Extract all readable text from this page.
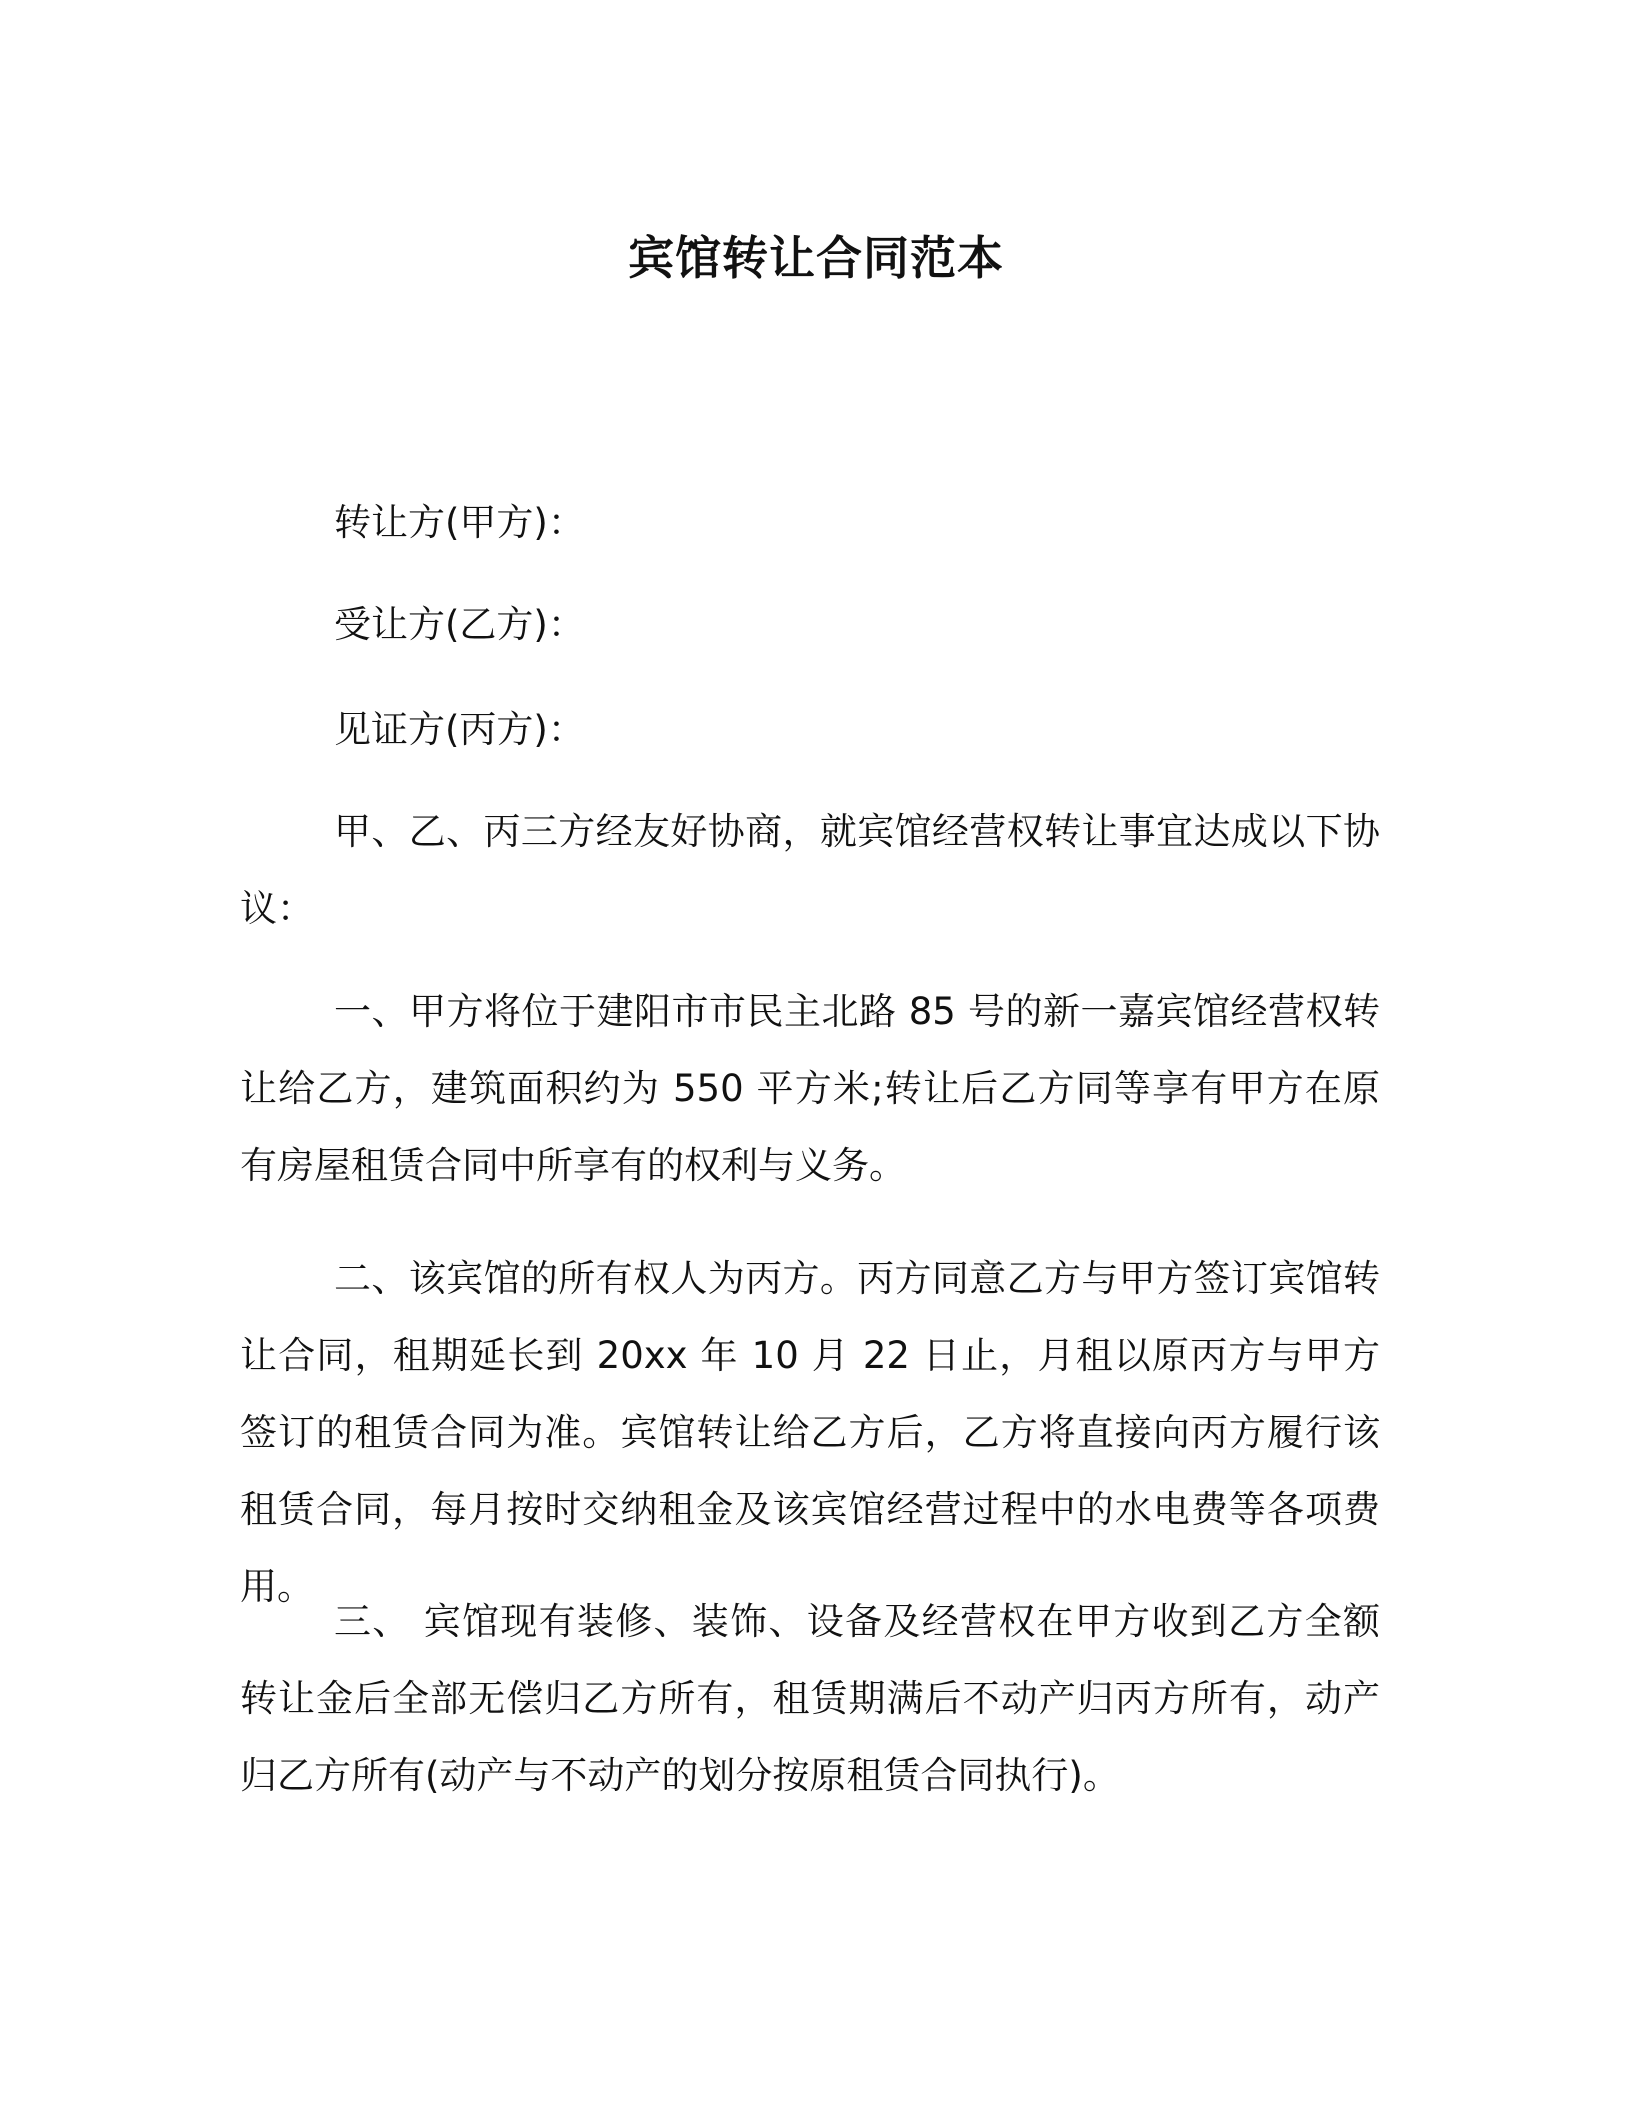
宾馆转让合同范本
转让方(甲方)：
受让方(乙方)：
见证方(丙方)：

甲、乙、丙三方经友好协商，就宾馆经营权转让事宜达成以下协议：

一、甲方将位于建阳市市民主北路 85 号的新一嘉宾馆经营权转让给乙方，建筑面积约为 550 平方米;转让后乙方同等享有甲方在原有房屋租赁合同中所享有的权利与义务。

二、该宾馆的所有权人为丙方。丙方同意乙方与甲方签订宾馆转让合同，租期延长到 20xx 年 10 月 22 日止，月租以原丙方与甲方签订的租赁合同为准。宾馆转让给乙方后，乙方将直接向丙方履行该租赁合同，每月按时交纳租金及该宾馆经营过程中的水电费等各项费用。

三、 宾馆现有装修、装饰、设备及经营权在甲方收到乙方全额转让金后全部无偿归乙方所有，租赁期满后不动产归丙方所有，动产归乙方所有(动产与不动产的划分按原租赁合同执行)。
